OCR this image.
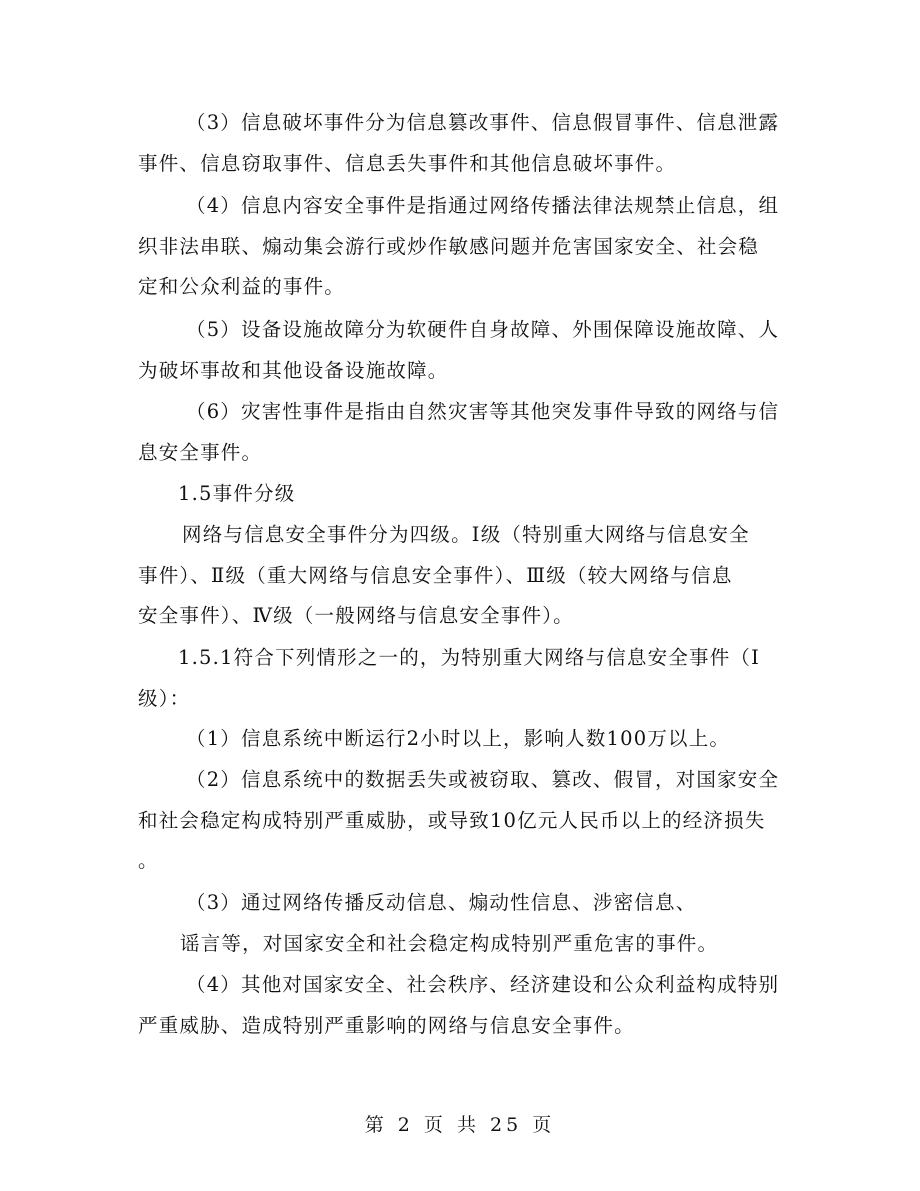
（3）信息破坏事件分为信息篡改事件、信息假冒事件、信息泄露
事件、信息窃取事件、信息丢失事件和其他信息破坏事件。
（4）信息内容安全事件是指通过网络传播法律法规禁止信息，组
织非法串联、煽动集会游行或炒作敏感问题并危害国家安全、社会稳
定和公众利益的事件。
（5）设备设施故障分为软硬件自身故障、外围保障设施故障、人
为破坏事故和其他设备设施故障。
（6）灾害性事件是指由自然灾害等其他突发事件导致的网络与信
息安全事件。
1.5事件分级
网络与信息安全事件分为四级。Ⅰ级（特别重大网络与信息安全
事件）、Ⅱ级（重大网络与信息安全事件）、Ⅲ级（较大网络与信息
安全事件）、Ⅳ级（一般网络与信息安全事件）。
1.5.1符合下列情形之一的，为特别重大网络与信息安全事件（Ⅰ
级）：
（1）信息系统中断运行2小时以上，影响人数100万以上。
（2）信息系统中的数据丢失或被窃取、篡改、假冒，对国家安全
和社会稳定构成特别严重威胁，或导致10亿元人民币以上的经济损失
。
（3）通过网络传播反动信息、煽动性信息、涉密信息、
谣言等，对国家安全和社会稳定构成特别严重危害的事件。
（4）其他对国家安全、社会秩序、经济建设和公众利益构成特别
严重威胁、造成特别严重影响的网络与信息安全事件。
第 2 页 共 25 页
